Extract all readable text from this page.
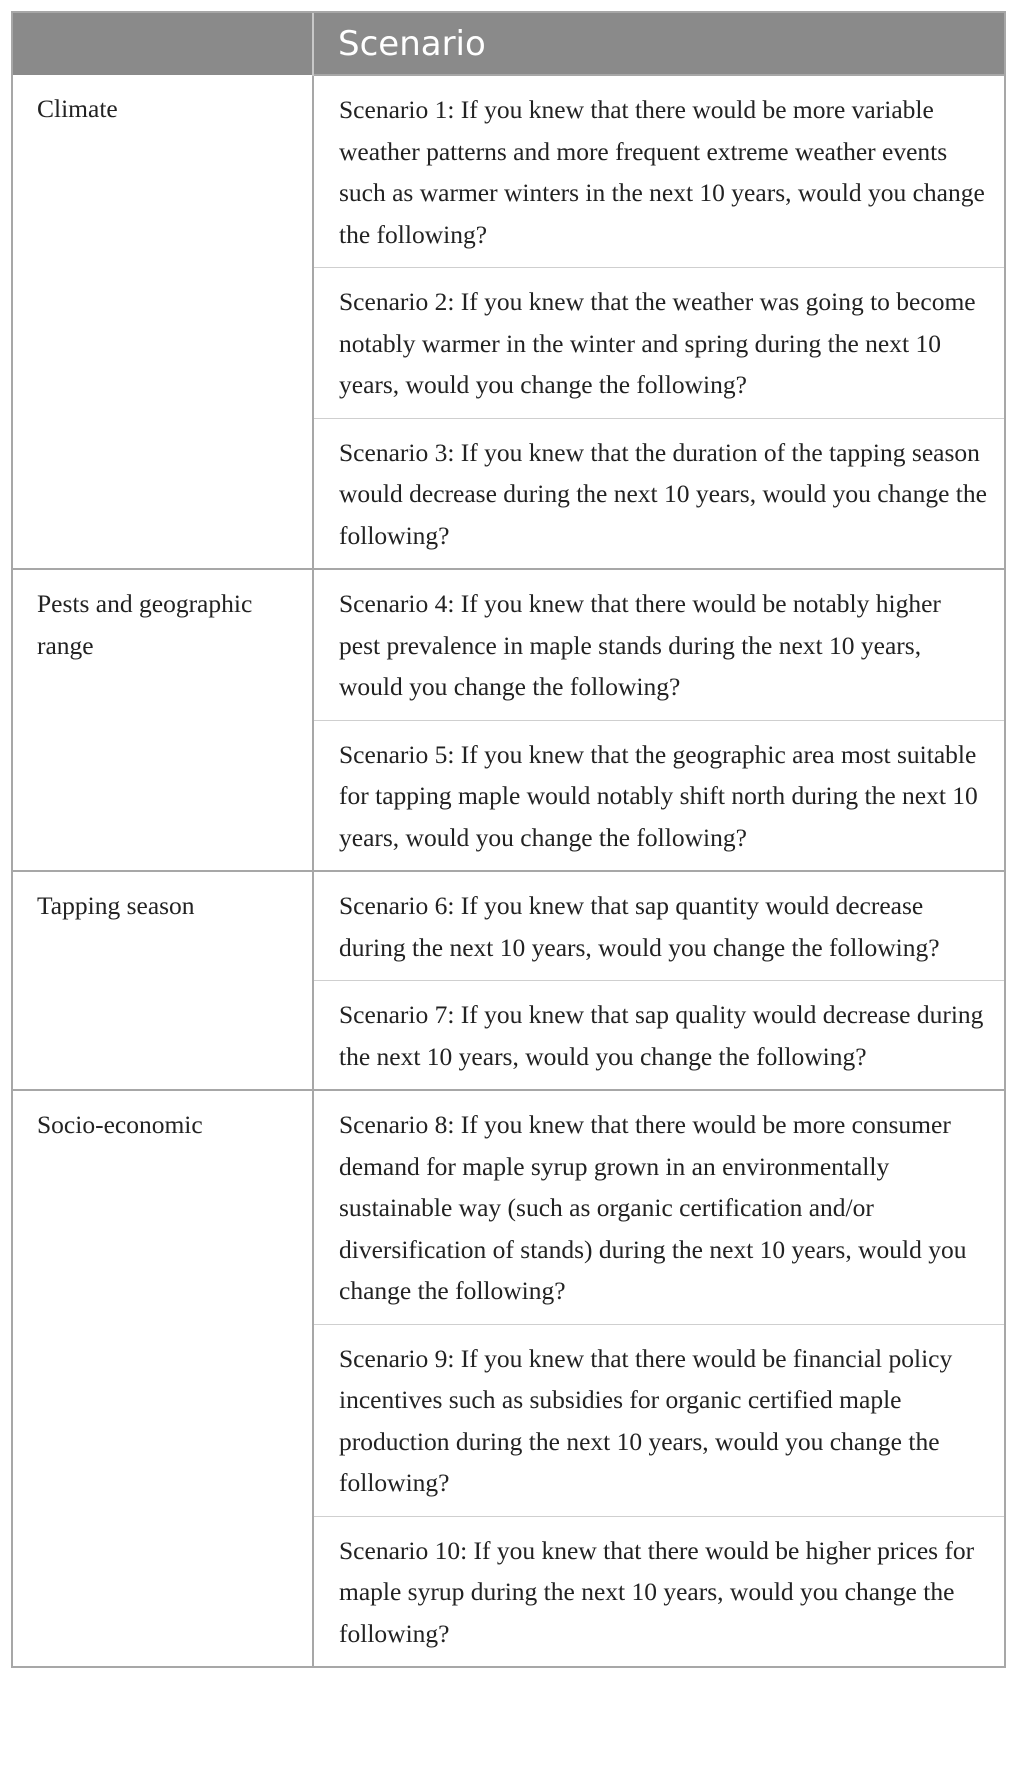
	Scenario
Climate	Scenario 1: If you knew that there would be more variable weather patterns and more frequent extreme weather events such as warmer winters in the next 10 years, would you change the following?
	Scenario 2: If you knew that the weather was going to become notably warmer in the winter and spring during the next 10 years, would you change the following?
	Scenario 3: If you knew that the duration of the tapping season would decrease during the next 10 years, would you change the following?
Pests and geographic range	Scenario 4: If you knew that there would be notably higher pest prevalence in maple stands during the next 10 years, would you change the following?
	Scenario 5: If you knew that the geographic area most suitable for tapping maple would notably shift north during the next 10 years, would you change the following?
Tapping season	Scenario 6: If you knew that sap quantity would decrease during the next 10 years, would you change the following?
	Scenario 7: If you knew that sap quality would decrease during the next 10 years, would you change the following?
Socio-economic	Scenario 8: If you knew that there would be more consumer demand for maple syrup grown in an environmentally sustainable way (such as organic certification and/or diversification of stands) during the next 10 years, would you change the following?
	Scenario 9: If you knew that there would be financial policy incentives such as subsidies for organic certified maple production during the next 10 years, would you change the following?
	Scenario 10: If you knew that there would be higher prices for maple syrup during the next 10 years, would you change the following?
